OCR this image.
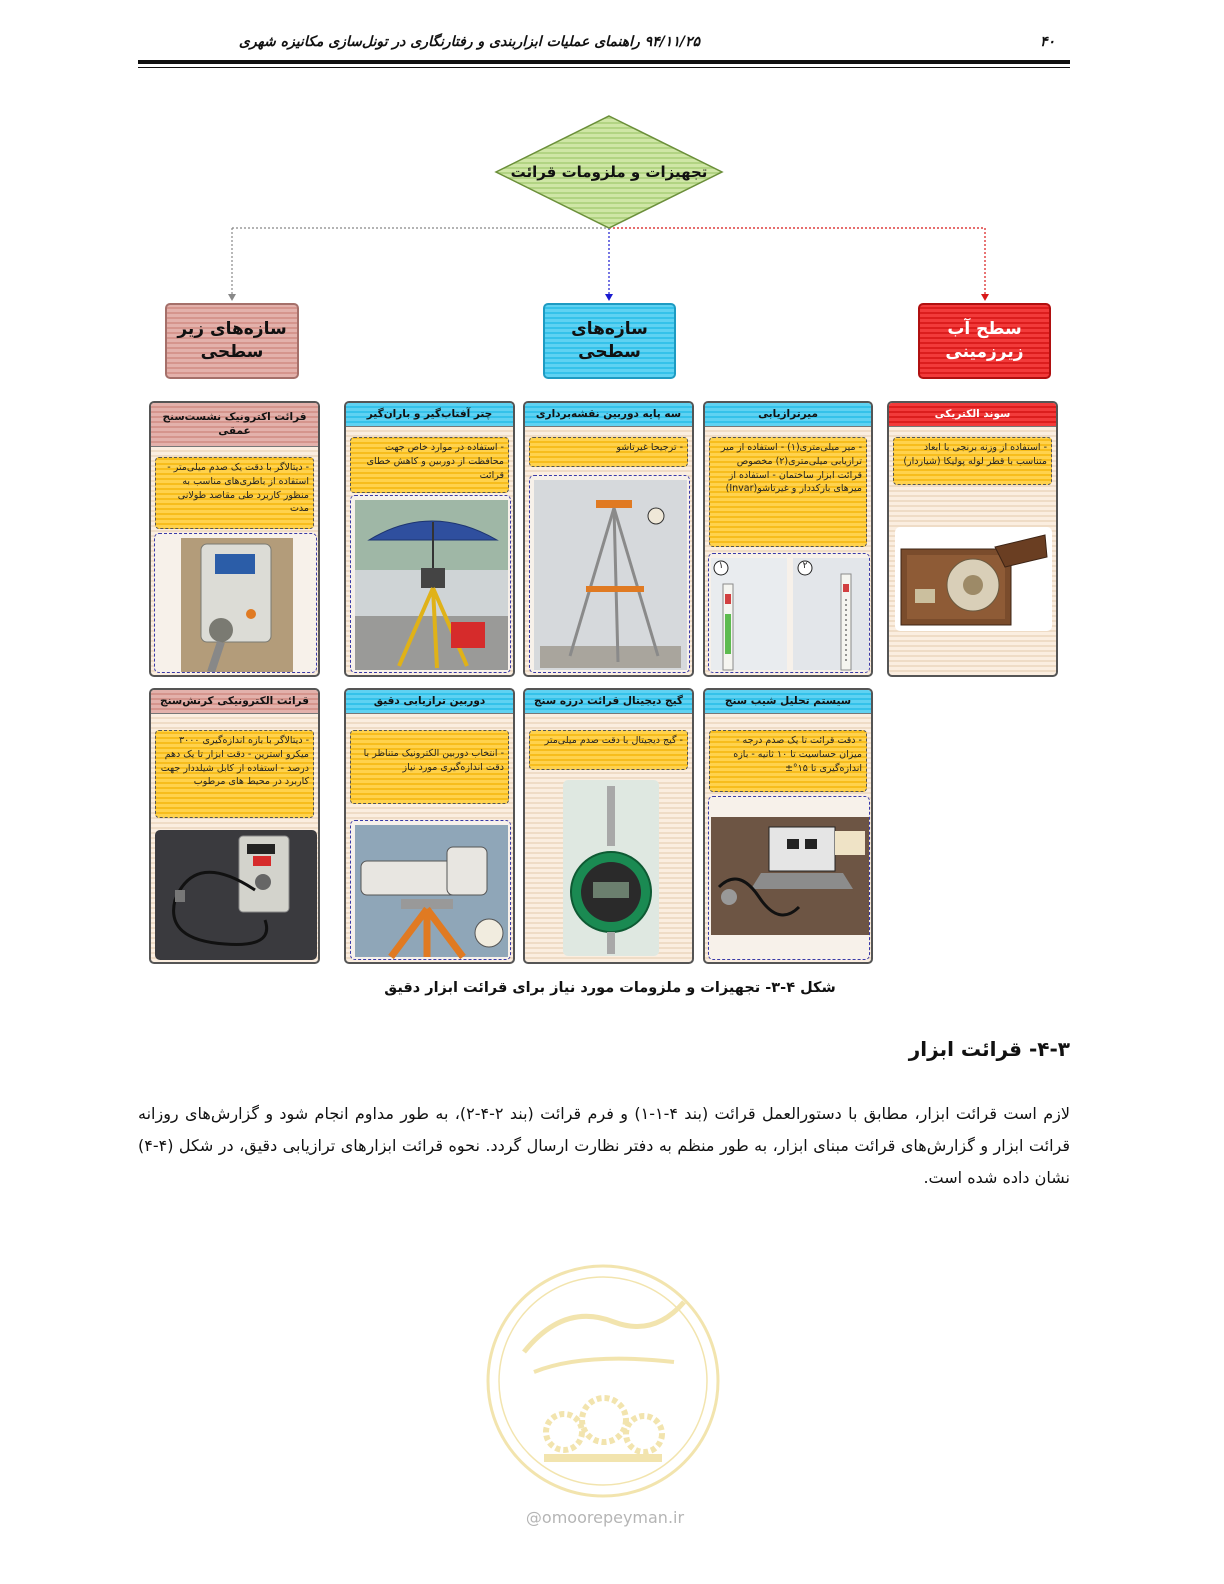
۹۴/۱۱/۲۵ راهنمای عملیات ابزاربندی و رفتارنگاری در تونل‌سازی مکانیزه شهری	۴۰
تجهیزات و ملزومات قرائت
سازه‌های زیر سطحی
سازه‌های سطحی
سطح آب زیرزمینی
سوند الکتریکی
- استفاده از وزنه برنجی با ابعاد متناسب با قطر لوله پولیکا (شیاردار)
میرترازیابی
- میر میلی‌متری(۱) - استفاده از میر ترازیابی میلی‌متری(۲) مخصوص قرائت ابزار ساختمان - استفاده از میرهای بارکددار و غیرتاشو(Invar)
۱	۲
سه پایه دوربین نقشه‌برداری
- ترجیحا غیرتاشو
چتر آفتاب‌گیر و باران‌گیر
- استفاده در موارد خاص جهت محافظت از دوربین و کاهش خطای قرائت
قرائت اکترونیک نشست‌سنج عمقی
- دیتالاگر با دقت یک صدم میلی‌متر - استفاده از باطری‌های مناسب به منظور کاربرد طی مقاصد طولانی مدت
سیستم تحلیل شیب سنج
- دقت قرائت تا یک صدم درجه - میزان حساسیت تا ۱۰ ثانیه - بازه اندازه‌گیری تا ۱۵°±
گیج دیجیتال قرائت درزه سنج
- گیج دیجیتال با دقت صدم میلی‌متر
دوربین ترازیابی دقیق
- انتخاب دوربین الکترونیک متناظر با دقت اندازه‌گیری مورد نیاز
قرائت الکترونیکی کرنش‌سنج
- دیتالاگر با بازه اندازه‌گیری ۳۰۰۰ میکرو استرین - دقت ابزار تا یک دهم درصد - استفاده از کابل شیلددار جهت کاربرد در محیط های مرطوب
شکل ۴-۳- تجهیزات و ملزومات مورد نیاز برای قرائت ابزار دقیق
۴-۳- قرائت ابزار
لازم است قرائت ابزار، مطابق با دستورالعمل قرائت (بند ۴-۱-۱) و فرم قرائت (بند ۲-۴-۲)، به طور مداوم انجام شود و گزارش‌های روزانه قرائت ابزار و گزارش‌های قرائت مبنای ابزار، به طور منظم به دفتر نظارت ارسال گردد. نحوه قرائت ابزارهای ترازیابی دقیق، در شکل (۴-۴) نشان داده شده است.
@omoorepeyman.ir
